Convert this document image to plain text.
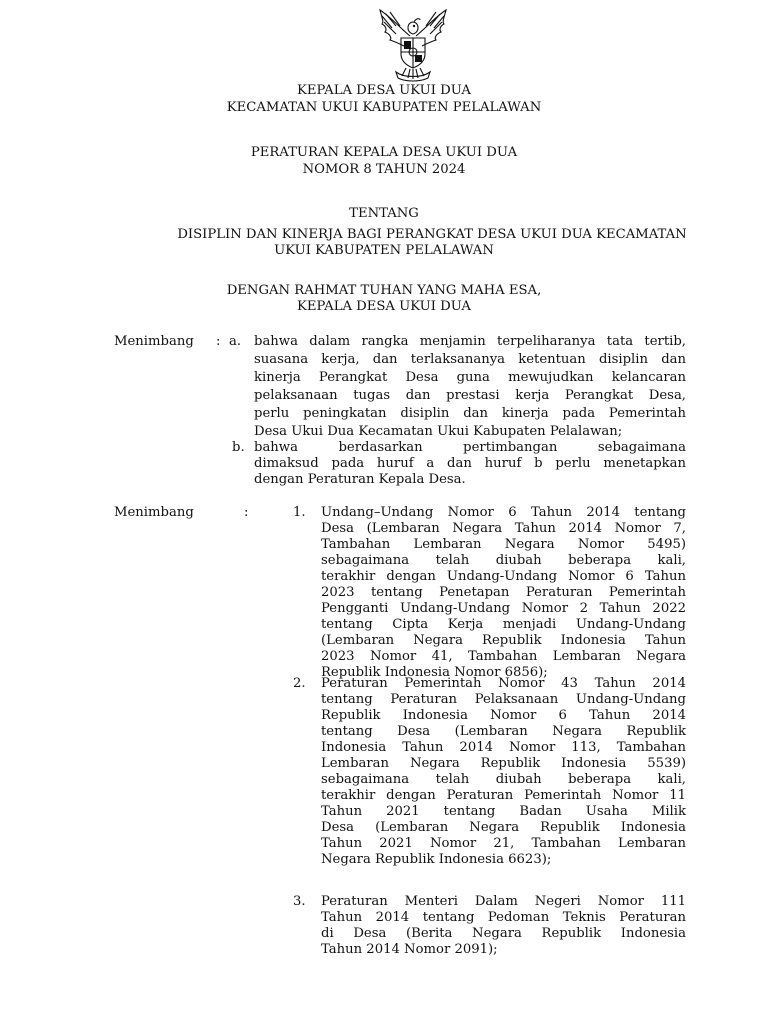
KEPALA DESA UKUI DUA
KECAMATAN UKUI KABUPATEN PELALAWAN
PERATURAN KEPALA DESA UKUI DUA
NOMOR 8 TAHUN 2024
TENTANG
DISIPLIN DAN KINERJA BAGI PERANGKAT DESA UKUI DUA KECAMATAN
UKUI KABUPATEN PELALAWAN
DENGAN RAHMAT TUHAN YANG MAHA ESA,
KEPALA DESA UKUI DUA
Menimbang : a. bahwa dalam rangka menjamin terpeliharanya tata tertib,
suasana kerja, dan terlaksananya ketentuan disiplin dan
kinerja Perangkat Desa guna mewujudkan kelancaran
pelaksanaan tugas dan prestasi kerja Perangkat Desa,
perlu peningkatan disiplin dan kinerja pada Pemerintah
Desa Ukui Dua Kecamatan Ukui Kabupaten Pelalawan;
b. bahwa berdasarkan pertimbangan sebagaimana
dimaksud pada huruf a dan huruf b perlu menetapkan
dengan Peraturan Kepala Desa.
Menimbang	:	1. Undang–Undang Nomor 6 Tahun 2014 tentang
Desa (Lembaran Negara Tahun 2014 Nomor 7,
Tambahan Lembaran Negara Nomor 5495)
sebagaimana telah diubah beberapa kali,
terakhir dengan Undang-Undang Nomor 6 Tahun
2023 tentang Penetapan Peraturan Pemerintah
Pengganti Undang-Undang Nomor 2 Tahun 2022
tentang Cipta Kerja menjadi Undang-Undang
(Lembaran Negara Republik Indonesia Tahun
2023 Nomor 41, Tambahan Lembaran Negara
Republik Indonesia Nomor 6856);
2. Peraturan Pemerintah Nomor 43 Tahun 2014
tentang Peraturan Pelaksanaan Undang-Undang
Republik Indonesia Nomor 6 Tahun 2014
tentang Desa (Lembaran Negara Republik
Indonesia Tahun 2014 Nomor 113, Tambahan
Lembaran Negara Republik Indonesia 5539)
sebagaimana telah diubah beberapa kali,
terakhir dengan Peraturan Pemerintah Nomor 11
Tahun 2021 tentang Badan Usaha Milik
Desa (Lembaran Negara Republik Indonesia
Tahun 2021 Nomor 21, Tambahan Lembaran
Negara Republik Indonesia 6623);
3. Peraturan Menteri Dalam Negeri Nomor 111
Tahun 2014 tentang Pedoman Teknis Peraturan
di Desa (Berita Negara Republik Indonesia
Tahun 2014 Nomor 2091);
